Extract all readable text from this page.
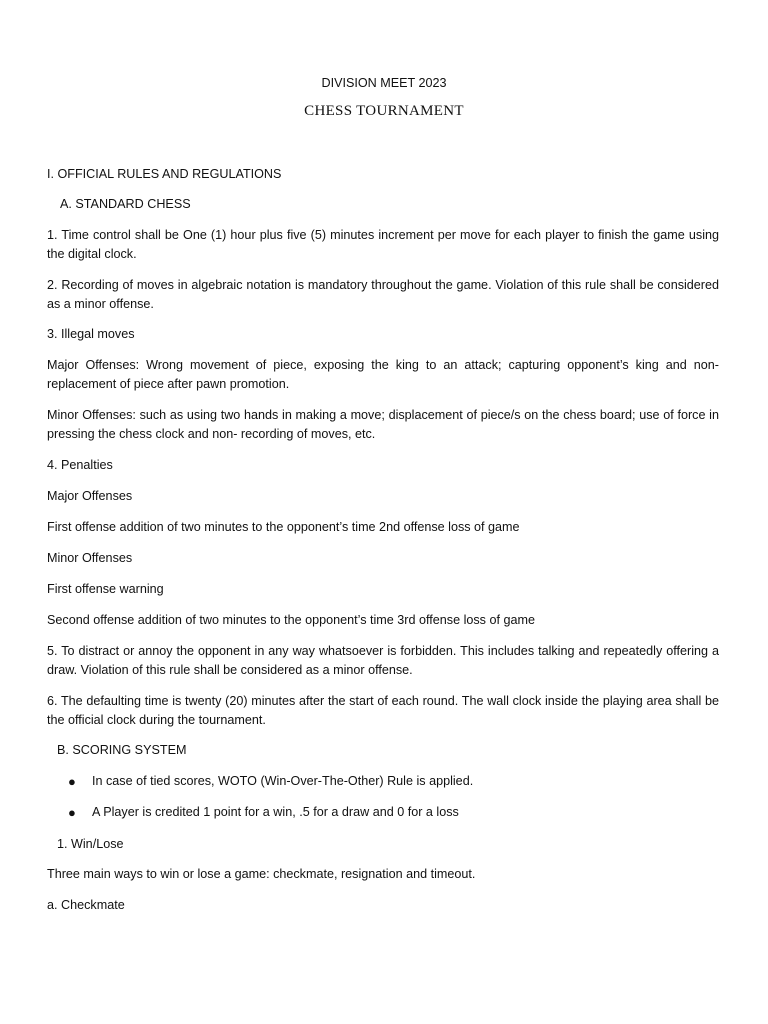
DIVISION MEET 2023

CHESS TOURNAMENT

I. OFFICIAL RULES AND REGULATIONS

A. STANDARD CHESS

1. Time control shall be One (1) hour plus five (5) minutes increment per move for each player to finish the game using the digital clock.

2. Recording of moves in algebraic notation is mandatory throughout the game. Violation of this rule shall be considered as a minor offense.

3. Illegal moves

Major Offenses: Wrong movement of piece, exposing the king to an attack; capturing opponent’s king and non-replacement of piece after pawn promotion.

Minor Offenses: such as using two hands in making a move; displacement of piece/s on the chess board; use of force in pressing the chess clock and non- recording of moves, etc.

4. Penalties

Major Offenses

First offense addition of two minutes to the opponent’s time 2nd offense loss of game

Minor Offenses

First offense warning

Second offense addition of two minutes to the opponent’s time 3rd offense loss of game

5. To distract or annoy the opponent in any way whatsoever is forbidden. This includes talking and repeatedly offering a draw. Violation of this rule shall be considered as a minor offense.

6. The defaulting time is twenty (20) minutes after the start of each round. The wall clock inside the playing area shall be the official clock during the tournament.

B. SCORING SYSTEM

●	In case of tied scores, WOTO (Win-Over-The-Other) Rule is applied.
●	A Player is credited 1 point for a win, .5 for a draw and 0 for a loss

1. Win/Lose

Three main ways to win or lose a game: checkmate, resignation and timeout.

a. Checkmate
